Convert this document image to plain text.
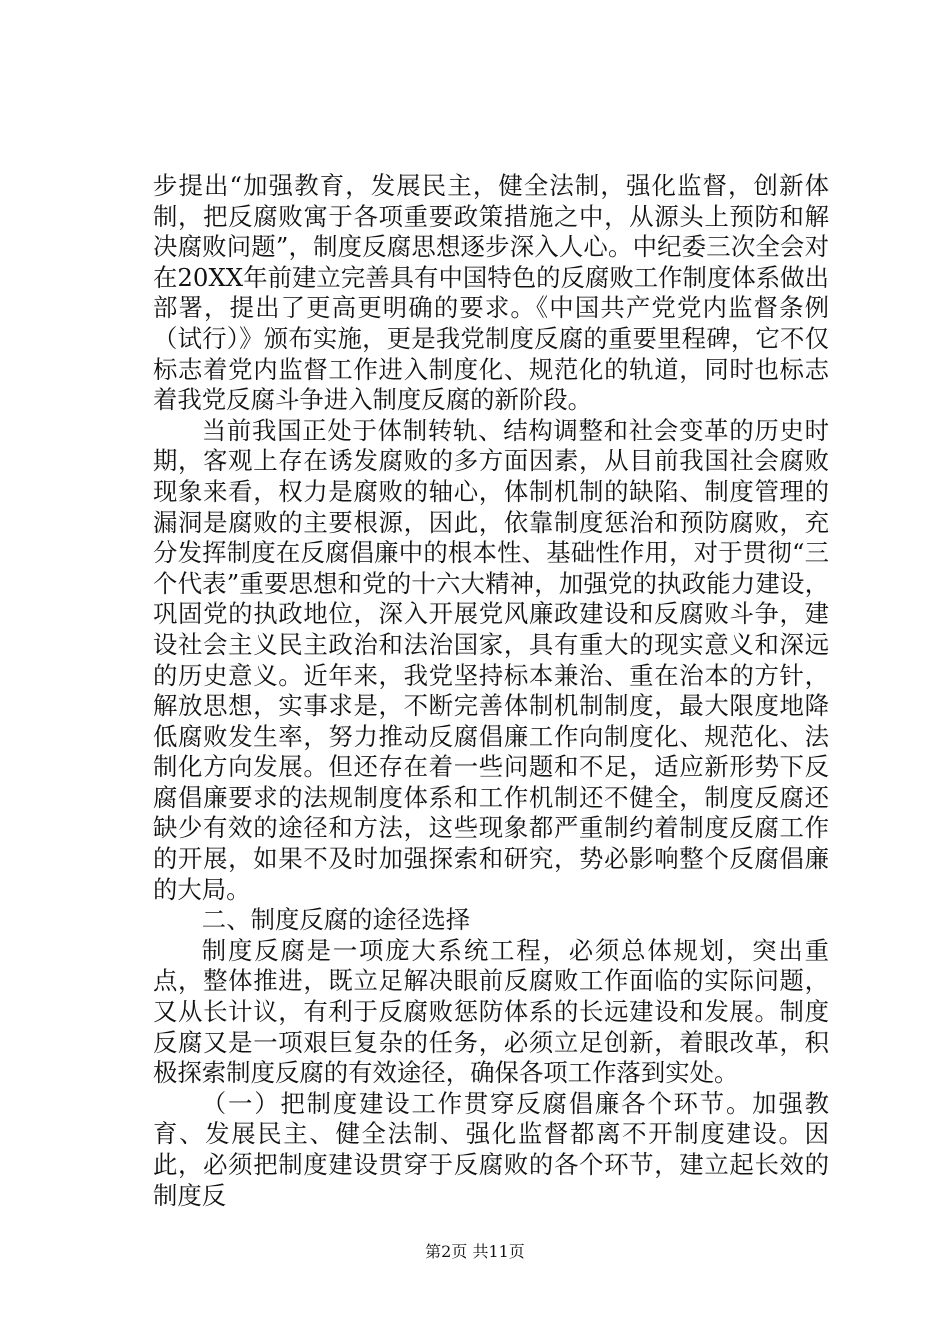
步提出“加强教育，发展民主，健全法制，强化监督，创新体制，把反腐败寓于各项重要政策措施之中，从源头上预防和解决腐败问题”，制度反腐思想逐步深入人心。中纪委三次全会对在20XX年前建立完善具有中国特色的反腐败工作制度体系做出部署，提出了更高更明确的要求。《中国共产党党内监督条例（试行）》颁布实施，更是我党制度反腐的重要里程碑，它不仅标志着党内监督工作进入制度化、规范化的轨道，同时也标志着我党反腐斗争进入制度反腐的新阶段。

当前我国正处于体制转轨、结构调整和社会变革的历史时期，客观上存在诱发腐败的多方面因素，从目前我国社会腐败现象来看，权力是腐败的轴心，体制机制的缺陷、制度管理的漏洞是腐败的主要根源，因此，依靠制度惩治和预防腐败，充分发挥制度在反腐倡廉中的根本性、基础性作用，对于贯彻“三个代表”重要思想和党的十六大精神，加强党的执政能力建设，巩固党的执政地位，深入开展党风廉政建设和反腐败斗争，建设社会主义民主政治和法治国家，具有重大的现实意义和深远的历史意义。近年来，我党坚持标本兼治、重在治本的方针，解放思想，实事求是，不断完善体制机制制度，最大限度地降低腐败发生率，努力推动反腐倡廉工作向制度化、规范化、法制化方向发展。但还存在着一些问题和不足，适应新形势下反腐倡廉要求的法规制度体系和工作机制还不健全，制度反腐还缺少有效的途径和方法，这些现象都严重制约着制度反腐工作的开展，如果不及时加强探索和研究，势必影响整个反腐倡廉的大局。

二、制度反腐的途径选择

制度反腐是一项庞大系统工程，必须总体规划，突出重点，整体推进，既立足解决眼前反腐败工作面临的实际问题，又从长计议，有利于反腐败惩防体系的长远建设和发展。制度反腐又是一项艰巨复杂的任务，必须立足创新，着眼改革，积极探索制度反腐的有效途径，确保各项工作落到实处。

（一）把制度建设工作贯穿反腐倡廉各个环节。加强教育、发展民主、健全法制、强化监督都离不开制度建设。因此，必须把制度建设贯穿于反腐败的各个环节，建立起长效的制度反

第2页 共11页
